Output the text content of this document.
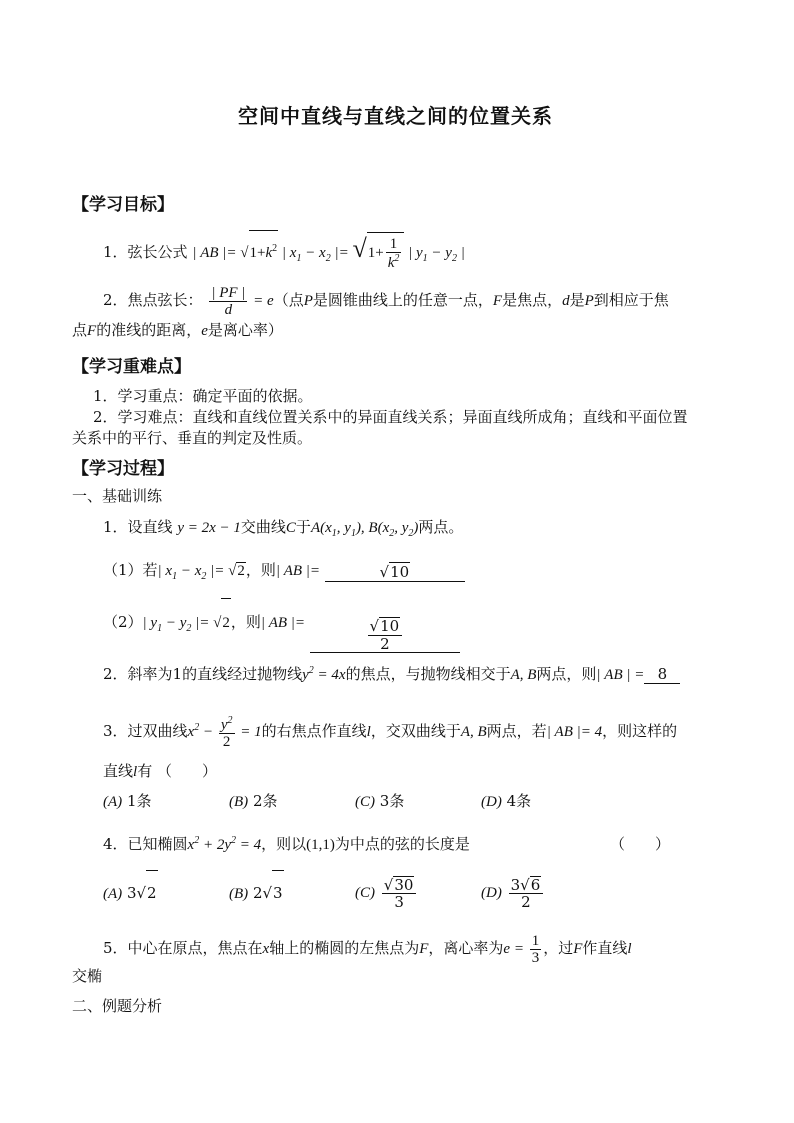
空间中直线与直线之间的位置关系
【学习目标】
1．弦长公式 | AB |= $√1+k^2$ | $x_1 - x_2$ |= $√1+ \frac{1}{k^2}$ | $y_1 - y_2$ |
2．焦点弦长： $\frac{| PF |}{d} = e$（点P是圆锥曲线上的任意一点，F是焦点，d是P到相应于焦
点F的准线的距离，e是离心率）
【学习重难点】
1．学习重点：确定平面的依据。
2．学习难点：直线和直线位置关系中的异面直线关系；异面直线所成角；直线和平面位置
关系中的平行、垂直的判定及性质。
【学习过程】
一、基础训练
1．设直线 y = 2x − 1交曲线C于$A(x_1$, $y_1$), $B(x_2$, $y_2$)两点。
（1）若| $x_1 - x_2$ |= √2，则| AB |=	√10
（2）| $y_1 - y_2$ |= √2，则| AB |=	$\frac{√10}{2}$
2．斜率为1的直线经过抛物线$y^2 = 4x$的焦点，与抛物线相交于A, B两点，则| AB | = 8
3．过双曲线$x^2 - \frac{y^2}{2} = 1$的右焦点作直线l，交双曲线于A, B两点，若| AB |= 4，则这样的
直线l有 （　　）
(A) 1条	(B) 2条	(C) 3条	(D) 4条
4．已知椭圆$x^2 + 2y^2 = 4$，则以(1,1)为中点的弦的长度是	（　　）
(A) 3√2	(B) 2√3	$(C) \frac{√30}{3}$	$(D) \frac{3√6}{2}$
5．中心在原点，焦点在x轴上的椭圆的左焦点为F，离心率为$e = \frac{1}{3}$ ，过F作直线l
交椭
二、例题分析
